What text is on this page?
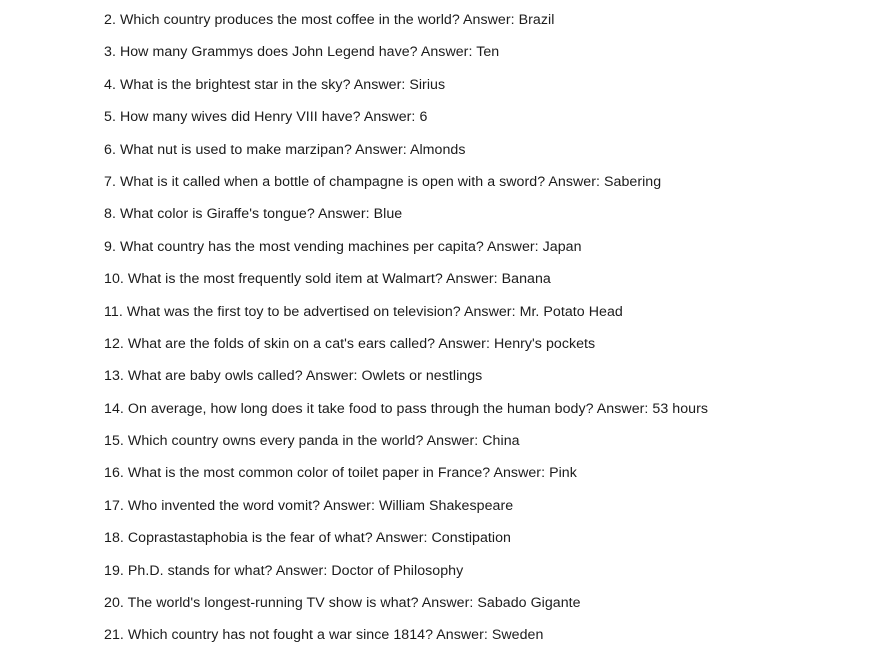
2. Which country produces the most coffee in the world? Answer: Brazil
3. How many Grammys does John Legend have? Answer: Ten
4. What is the brightest star in the sky? Answer: Sirius
5. How many wives did Henry VIII have? Answer: 6
6. What nut is used to make marzipan? Answer: Almonds
7. What is it called when a bottle of champagne is open with a sword? Answer: Sabering
8. What color is Giraffe's tongue? Answer: Blue
9. What country has the most vending machines per capita? Answer: Japan
10. What is the most frequently sold item at Walmart? Answer: Banana
11. What was the first toy to be advertised on television? Answer: Mr. Potato Head
12. What are the folds of skin on a cat's ears called? Answer: Henry's pockets
13. What are baby owls called? Answer: Owlets or nestlings
14. On average, how long does it take food to pass through the human body? Answer: 53 hours
15. Which country owns every panda in the world? Answer: China
16. What is the most common color of toilet paper in France? Answer: Pink
17. Who invented the word vomit? Answer: William Shakespeare
18. Coprastastaphobia is the fear of what? Answer: Constipation
19. Ph.D. stands for what? Answer: Doctor of Philosophy
20. The world's longest-running TV show is what? Answer: Sabado Gigante
21. Which country has not fought a war since 1814? Answer: Sweden
